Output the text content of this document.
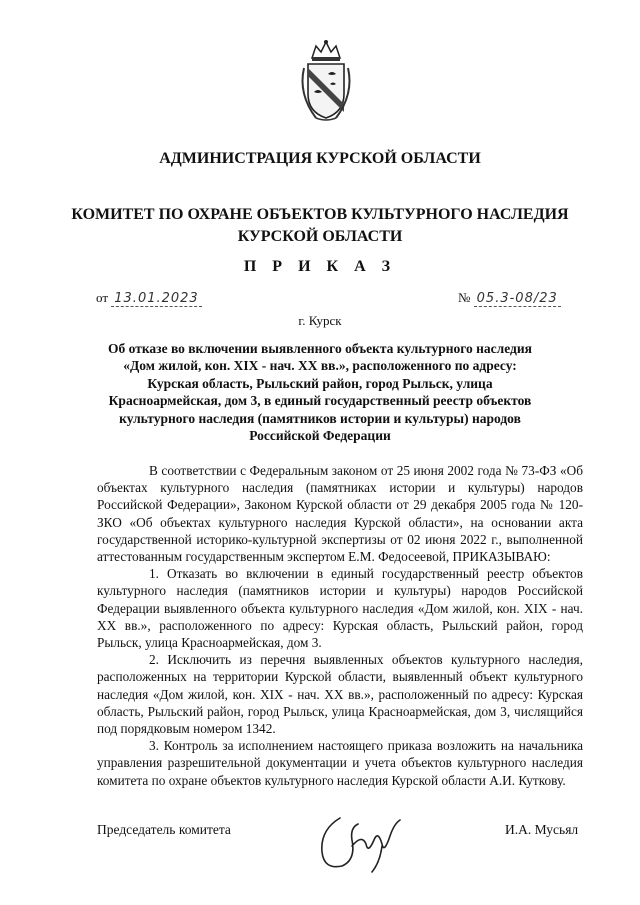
АДМИНИСТРАЦИЯ КУРСКОЙ ОБЛАСТИ
КОМИТЕТ ПО ОХРАНЕ ОБЪЕКТОВ КУЛЬТУРНОГО НАСЛЕДИЯ
КУРСКОЙ ОБЛАСТИ
П Р И К А З
от 13.01.2023	№ 05.3-08/23
г. Курск
Об отказе во включении выявленного объекта культурного наследия «Дом жилой, кон. XIX - нач. XX вв.», расположенного по адресу: Курская область, Рыльский район, город Рыльск, улица Красноармейская, дом 3, в единый государственный реестр объектов культурного наследия (памятников истории и культуры) народов Российской Федерации

В соответствии с Федеральным законом от 25 июня 2002 года № 73-ФЗ «Об объектах культурного наследия (памятниках истории и культуры) народов Российской Федерации», Законом Курской области от 29 декабря 2005 года № 120-ЗКО «Об объектах культурного наследия Курской области», на основании акта государственной историко-культурной экспертизы от 02 июня 2022 г., выполненной аттестованным государственным экспертом Е.М. Федосеевой, ПРИКАЗЫВАЮ:

1. Отказать во включении в единый государственный реестр объектов культурного наследия (памятников истории и культуры) народов Российской Федерации выявленного объекта культурного наследия «Дом жилой, кон. XIX - нач. XX вв.», расположенного по адресу: Курская область, Рыльский район, город Рыльск, улица Красноармейская, дом 3.

2. Исключить из перечня выявленных объектов культурного наследия, расположенных на территории Курской области, выявленный объект культурного наследия «Дом жилой, кон. XIX - нач. XX вв.», расположенный по адресу: Курская область, Рыльский район, город Рыльск, улица Красноармейская, дом 3, числящийся под порядковым номером 1342.

3. Контроль за исполнением настоящего приказа возложить на начальника управления разрешительной документации и учета объектов культурного наследия комитета по охране объектов культурного наследия Курской области А.И. Куткову.

Председатель комитета	И.А. Мусьял
